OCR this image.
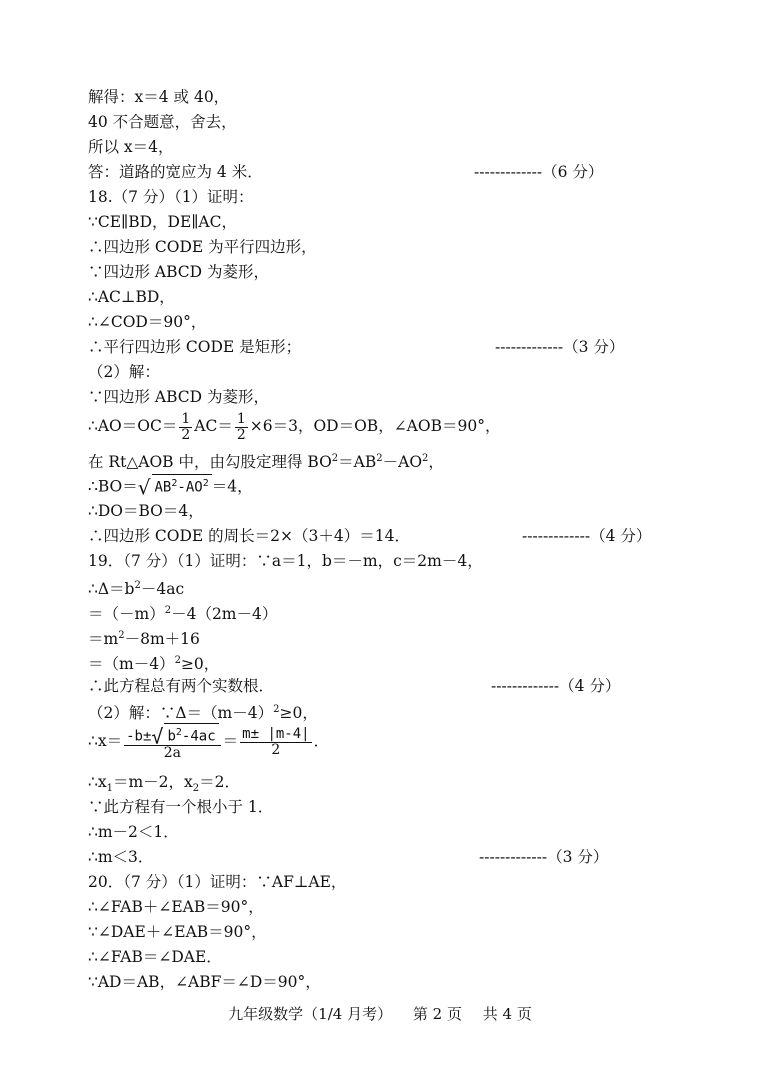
解得：x＝4 或 40，
40 不合题意，舍去，
所以 x＝4，
答：道路的宽应为 4 米．	-------------（6 分）
18.（7 分）（1）证明：
∵CE∥BD，DE∥AC，
∴四边形 CODE 为平行四边形，
∵四边形 ABCD 为菱形，
∴AC⊥BD，
∴∠COD＝90°，
∴平行四边形 CODE 是矩形；	-------------（3 分）
（2）解：
∵四边形 ABCD 为菱形，
∴AO＝OC＝ $\frac{1}{2} AC= \frac{1}{2} \times 6=3$，OD＝OB，∠AOB＝90°，
在 Rt△AOB 中，由勾股定理得 $BO^2=AB^2-AO^2$，
∴BO＝√ $AB^2-AO^2 =4$，
∴DO＝BO＝4，
∴四边形 CODE 的周长＝2×（3＋4）＝14．	-------------（4 分）
19．（7 分）（1）证明：∵a＝1，b＝－m，c＝2m－4，
$\therefore\Delta=b^2-4ac$
$=(-m)^2-4(2m-4)$
$=m^2-8m+16$
$=(m-4)^2\ge 0$，
∴此方程总有两个实数根．	-------------（4 分）
（2）解：$\because\Delta=(m-4)^2\ge 0$，
∴x＝ $\frac{-b\pm√ b^2-4ac}{2a} = \frac{m\pm |m-4|}{2}$ ．
$\therefore x_1=m-2$，$x_2=2$．
∵此方程有一个根小于 1．
∴m－2＜1．
∴m＜3．	-------------（3 分）
20．（7 分）（1）证明：∵AF⊥AE，
∴∠FAB＋∠EAB＝90°，
∵∠DAE＋∠EAB＝90°，
∴∠FAB＝∠DAE．
∵AD＝AB，∠ABF＝∠D＝90°，
九年级数学（1/4 月考） 第 2 页 共 4 页
